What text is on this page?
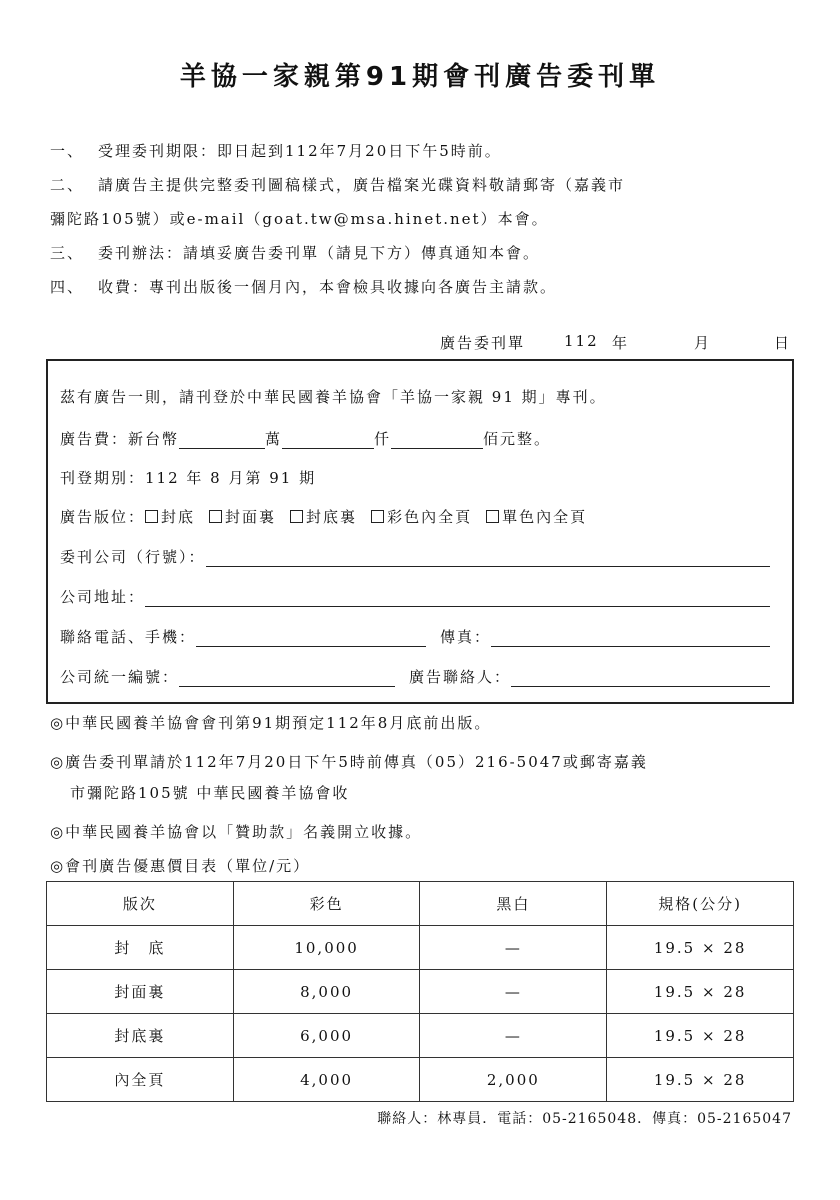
羊協一家親第91期會刊廣告委刊單
一、 受理委刊期限：即日起到112年7月20日下午5時前。
二、 請廣告主提供完整委刊圖稿樣式，廣告檔案光碟資料敬請郵寄（嘉義市
彌陀路105號）或e-mail（goat.tw@msa.hinet.net）本會。
三、 委刊辦法：請填妥廣告委刊單（請見下方）傳真通知本會。
四、 收費：專刊出版後一個月內，本會檢具收據向各廣告主請款。
廣告委刊單	112 年	月	日
茲有廣告一則，請刊登於中華民國養羊協會「羊協一家親 91 期」專刊。
廣告費：新台幣	萬	仟	佰元整。
刊登期別：112 年 8 月第 91 期
廣告版位：	封底	封面裏	封底裏	彩色內全頁	單色內全頁
委刊公司（行號）：
公司地址：
聯絡電話、手機：	傳真：
公司統一編號：	廣告聯絡人：
◎中華民國養羊協會會刊第91期預定112年8月底前出版。
◎廣告委刊單請於112年7月20日下午5時前傳真（05）216-5047或郵寄嘉義
市彌陀路105號 中華民國養羊協會收
◎中華民國養羊協會以「贊助款」名義開立收據。
◎會刊廣告優惠價目表（單位/元）
版次	彩色	黑白	規格(公分)
封　底	10,000	—	19.5 × 28
封面裏	8,000	—	19.5 × 28
封底裏	6,000	—	19.5 × 28
內全頁	4,000	2,000	19.5 × 28
聯絡人：林專員．電話：05-2165048．傳真：05-2165047
